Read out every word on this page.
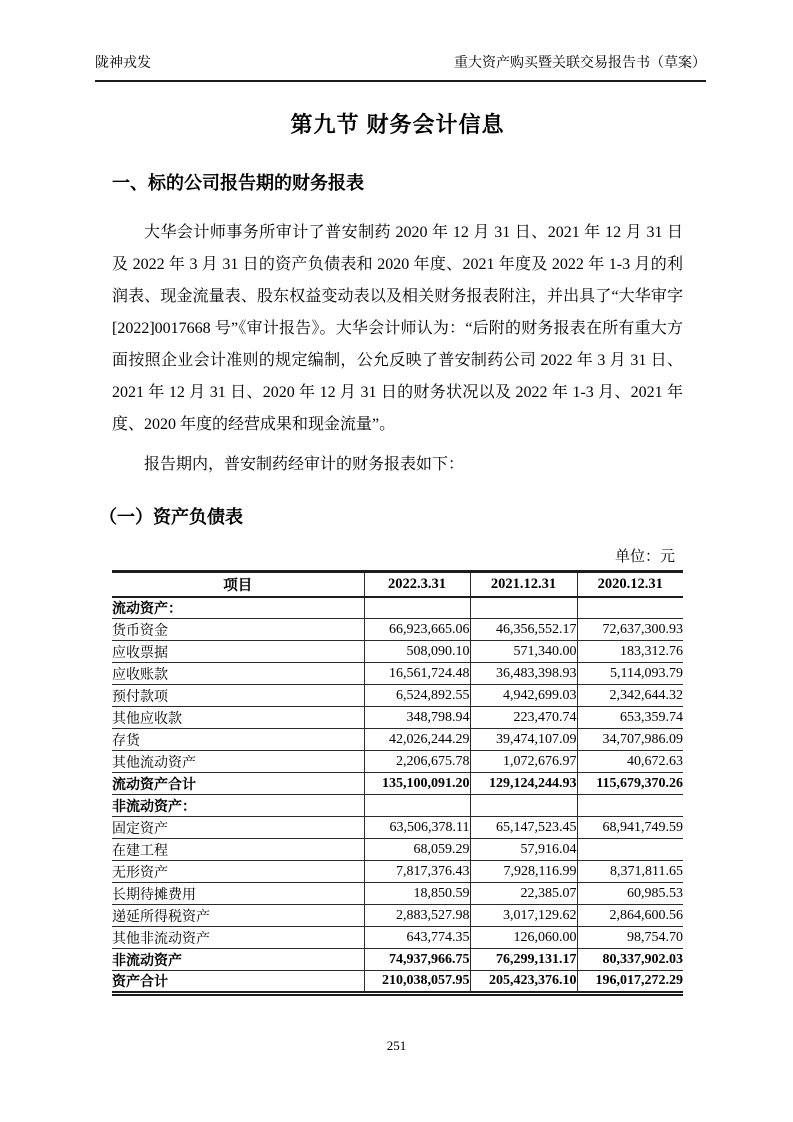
陇神戎发	重大资产购买暨关联交易报告书（草案）
第九节 财务会计信息
一、标的公司报告期的财务报表

大华会计师事务所审计了普安制药 2020 年 12 月 31 日、2021 年 12 月 31 日及 2022 年 3 月 31 日的资产负债表和 2020 年度、2021 年度及 2022 年 1-3 月的利润表、现金流量表、股东权益变动表以及相关财务报表附注，并出具了“大华审字[2022]0017668 号”《审计报告》。大华会计师认为：“后附的财务报表在所有重大方面按照企业会计准则的规定编制，公允反映了普安制药公司 2022 年 3 月 31 日、2021 年 12 月 31 日、2020 年 12 月 31 日的财务状况以及 2022 年 1-3 月、2021 年度、2020 年度的经营成果和现金流量”。

报告期内，普安制药经审计的财务报表如下：

（一）资产负债表
单位：元
项目	2022.3.31	2021.12.31	2020.12.31
流动资产：			
货币资金	66,923,665.06	46,356,552.17	72,637,300.93
应收票据	508,090.10	571,340.00	183,312.76
应收账款	16,561,724.48	36,483,398.93	5,114,093.79
预付款项	6,524,892.55	4,942,699.03	2,342,644.32
其他应收款	348,798.94	223,470.74	653,359.74
存货	42,026,244.29	39,474,107.09	34,707,986.09
其他流动资产	2,206,675.78	1,072,676.97	40,672.63
流动资产合计	135,100,091.20	129,124,244.93	115,679,370.26
非流动资产：			
固定资产	63,506,378.11	65,147,523.45	68,941,749.59
在建工程	68,059.29	57,916.04	
无形资产	7,817,376.43	7,928,116.99	8,371,811.65
长期待摊费用	18,850.59	22,385.07	60,985.53
递延所得税资产	2,883,527.98	3,017,129.62	2,864,600.56
其他非流动资产	643,774.35	126,060.00	98,754.70
非流动资产	74,937,966.75	76,299,131.17	80,337,902.03
资产合计	210,038,057.95	205,423,376.10	196,017,272.29
251
